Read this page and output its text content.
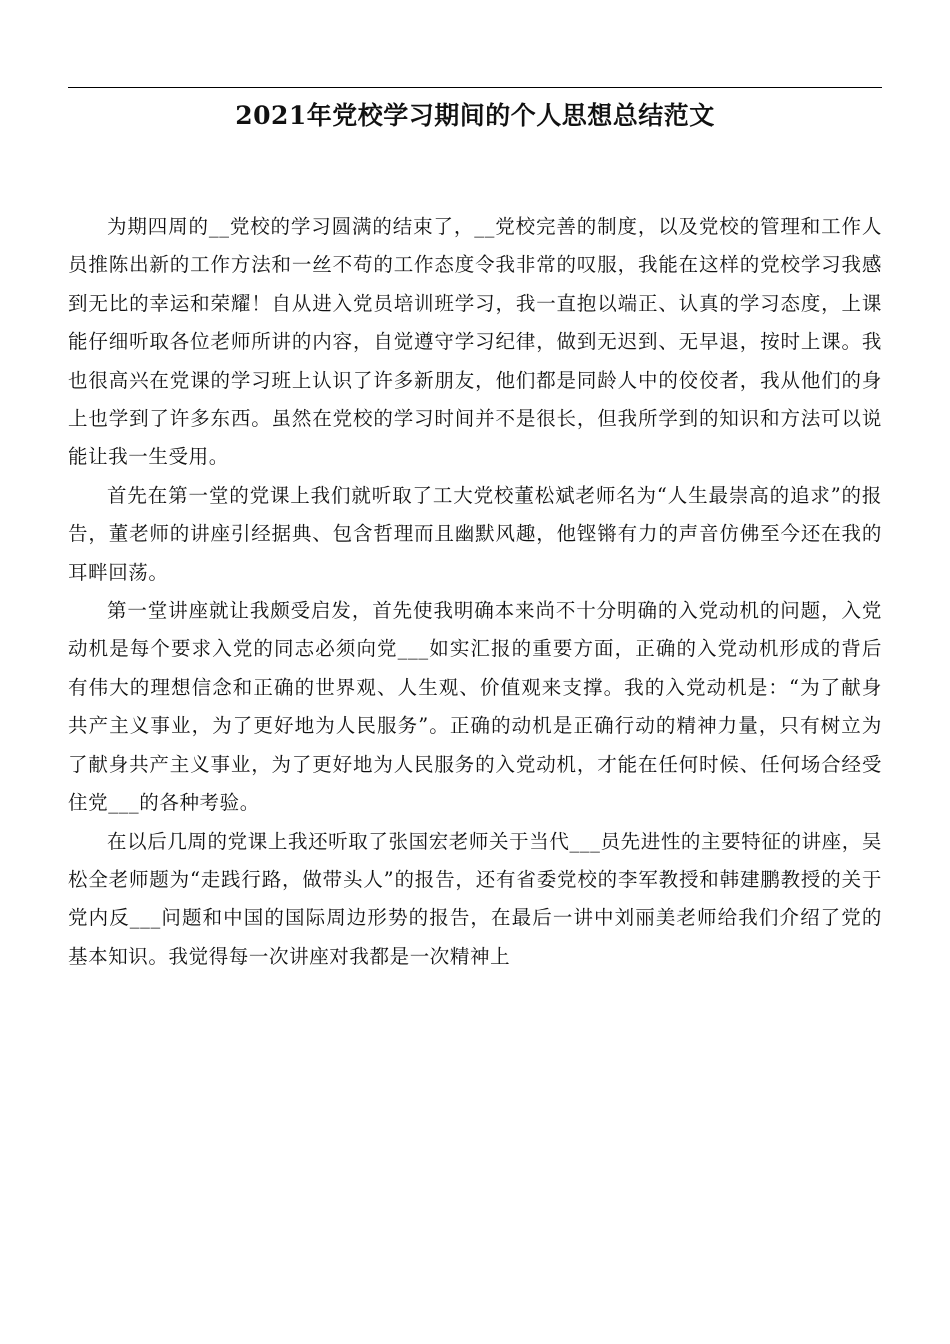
2021年党校学习期间的个人思想总结范文

为期四周的__党校的学习圆满的结束了，__党校完善的制度，以及党校的管理和工作人员推陈出新的工作方法和一丝不苟的工作态度令我非常的叹服，我能在这样的党校学习我感到无比的幸运和荣耀！自从进入党员培训班学习，我一直抱以端正、认真的学习态度，上课能仔细听取各位老师所讲的内容，自觉遵守学习纪律，做到无迟到、无早退，按时上课。我也很高兴在党课的学习班上认识了许多新朋友，他们都是同龄人中的佼佼者，我从他们的身上也学到了许多东西。虽然在党校的学习时间并不是很长，但我所学到的知识和方法可以说能让我一生受用。

首先在第一堂的党课上我们就听取了工大党校董松斌老师名为“人生最崇高的追求”的报告，董老师的讲座引经据典、包含哲理而且幽默风趣，他铿锵有力的声音仿佛至今还在我的耳畔回荡。

第一堂讲座就让我颇受启发，首先使我明确本来尚不十分明确的入党动机的问题，入党动机是每个要求入党的同志必须向党___如实汇报的重要方面，正确的入党动机形成的背后有伟大的理想信念和正确的世界观、人生观、价值观来支撑。我的入党动机是：“为了献身共产主义事业，为了更好地为人民服务”。正确的动机是正确行动的精神力量，只有树立为了献身共产主义事业，为了更好地为人民服务的入党动机，才能在任何时候、任何场合经受住党___的各种考验。

在以后几周的党课上我还听取了张国宏老师关于当代___员先进性的主要特征的讲座，吴松全老师题为“走践行路，做带头人”的报告，还有省委党校的李军教授和韩建鹏教授的关于党内反___问题和中国的国际周边形势的报告，在最后一讲中刘丽美老师给我们介绍了党的基本知识。我觉得每一次讲座对我都是一次精神上
